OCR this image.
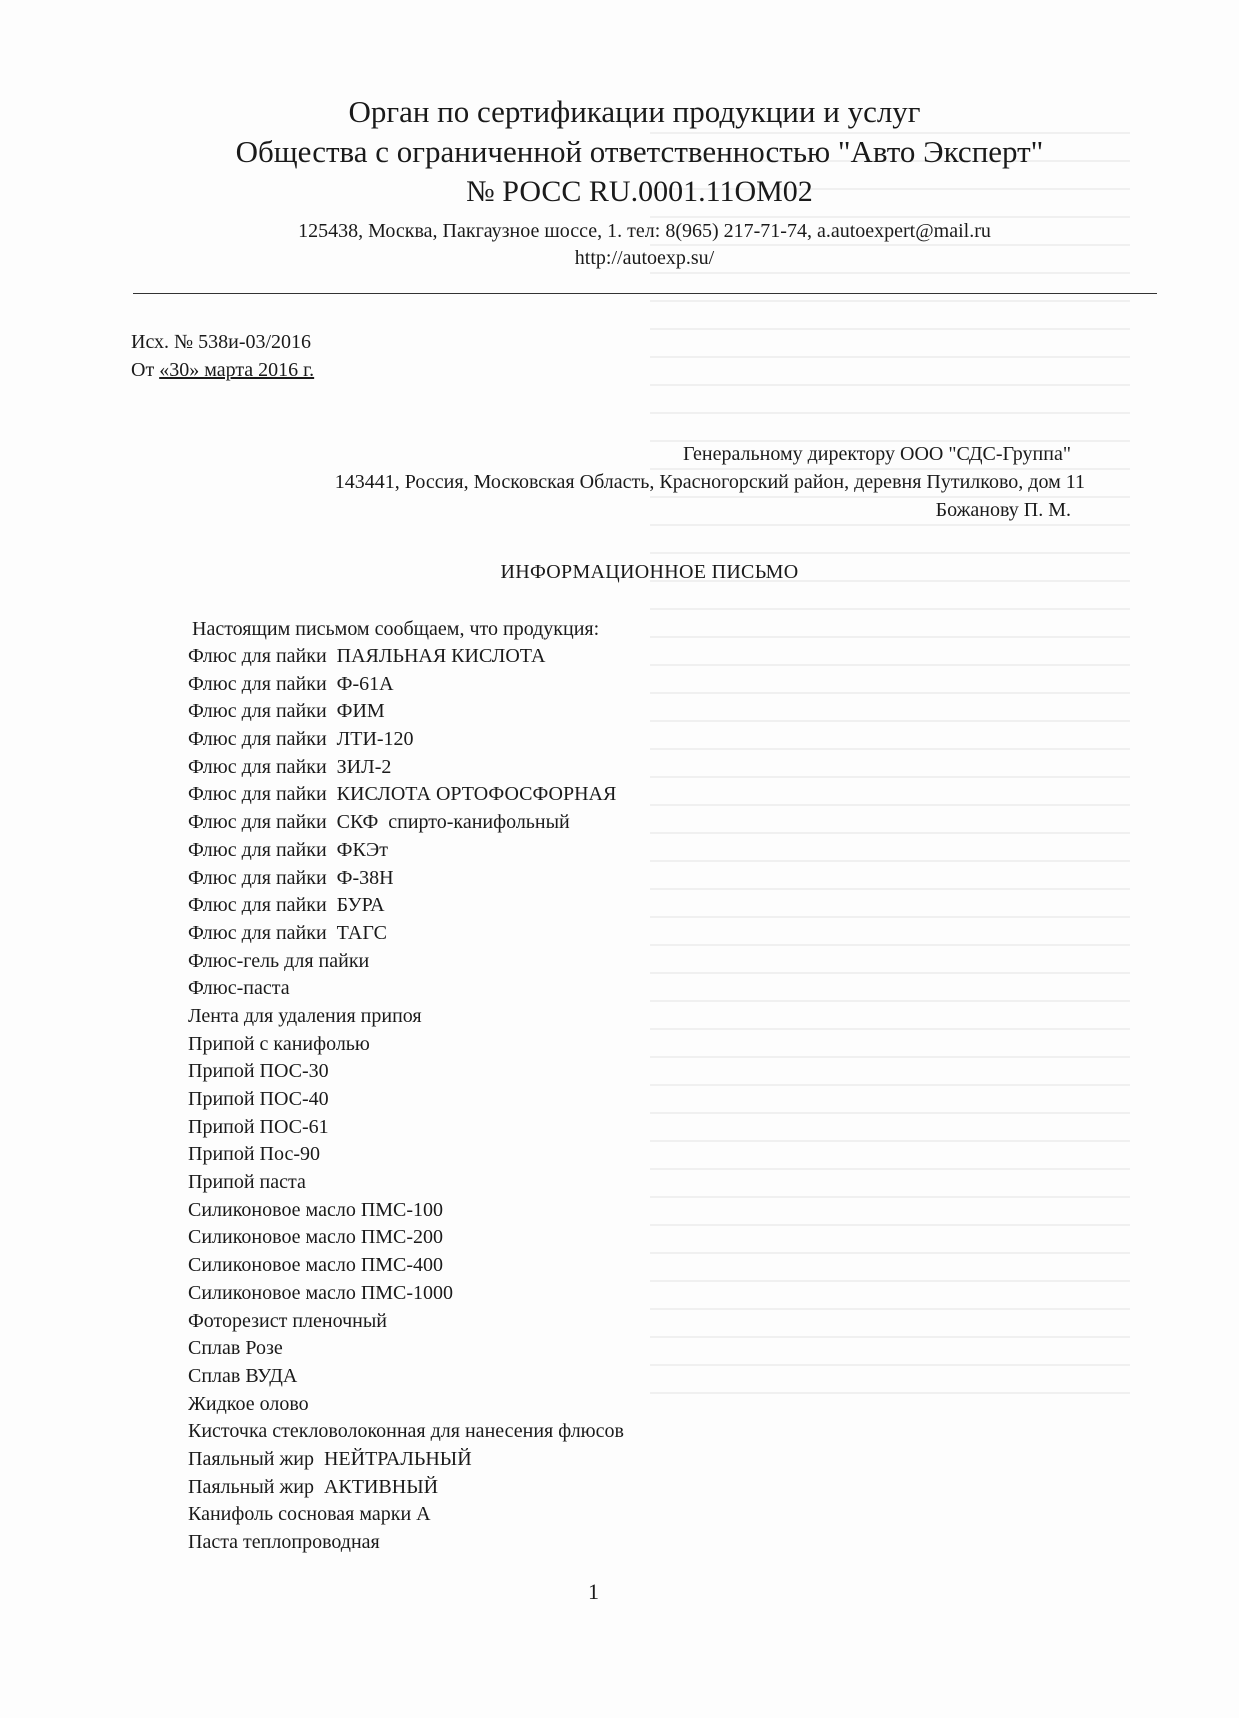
Орган по сертификации продукции и услуг
Общества с ограниченной ответственностью "Авто Эксперт"
№ РОСС RU.0001.11ОМ02
125438, Москва, Пакгаузное шоссе, 1. тел: 8(965) 217-71-74, a.autoexpert@mail.ru
http://autoexp.su/
Исх. № 538и-03/2016
От «30» марта 2016 г.
Генеральному директору ООО "СДС-Группа"
143441, Россия, Московская Область, Красногорский район, деревня Путилково, дом 11
Божанову П. М.
ИНФОРМАЦИОННОЕ ПИСЬМО
Настоящим письмом сообщаем, что продукция:
Флюс для пайки  ПАЯЛЬНАЯ КИСЛОТА
Флюс для пайки  Ф-61А
Флюс для пайки  ФИМ
Флюс для пайки  ЛТИ-120
Флюс для пайки  ЗИЛ-2
Флюс для пайки  КИСЛОТА ОРТОФОСФОРНАЯ
Флюс для пайки  СКФ  спирто-канифольный
Флюс для пайки  ФКЭт
Флюс для пайки  Ф-38Н
Флюс для пайки  БУРА
Флюс для пайки  ТАГС
Флюс-гель для пайки
Флюс-паста
Лента для удаления припоя
Припой с канифолью
Припой ПОС-30
Припой ПОС-40
Припой ПОС-61
Припой Пос-90
Припой паста
Силиконовое масло ПМС-100
Силиконовое масло ПМС-200
Силиконовое масло ПМС-400
Силиконовое масло ПМС-1000
Фоторезист пленочный
Сплав Розе
Сплав ВУДА
Жидкое олово
Кисточка стекловолоконная для нанесения флюсов
Паяльный жир  НЕЙТРАЛЬНЫЙ
Паяльный жир  АКТИВНЫЙ
Канифоль сосновая марки А
Паста теплопроводная
1
